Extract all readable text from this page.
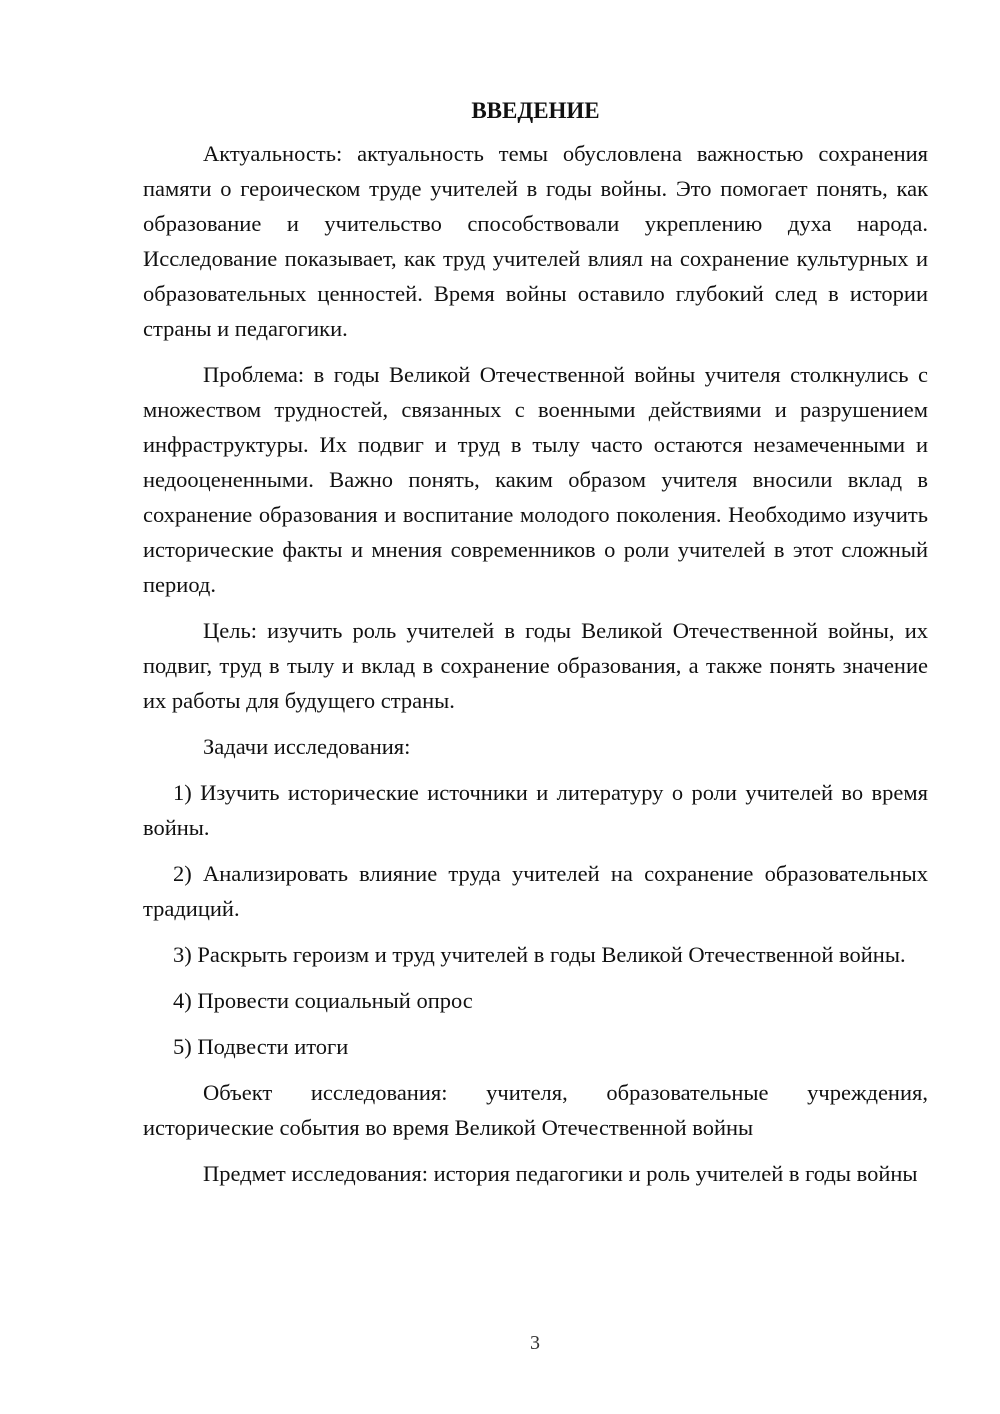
ВВЕДЕНИЕ

Актуальность: актуальность темы обусловлена важностью сохранения памяти о героическом труде учителей в годы войны. Это помогает понять, как образование и учительство способствовали укреплению духа народа. Исследование показывает, как труд учителей влиял на сохранение культурных и образовательных ценностей. Время войны оставило глубокий след в истории страны и педагогики.

Проблема: в годы Великой Отечественной войны учителя столкнулись с множеством трудностей, связанных с военными действиями и разрушением инфраструктуры. Их подвиг и труд в тылу часто остаются незамеченными и недооцененными. Важно понять, каким образом учителя вносили вклад в сохранение образования и воспитание молодого поколения. Необходимо изучить исторические факты и мнения современников о роли учителей в этот сложный период.

Цель: изучить роль учителей в годы Великой Отечественной войны, их подвиг, труд в тылу и вклад в сохранение образования, а также понять значение их работы для будущего страны.

Задачи исследования:

1) Изучить исторические источники и литературу о роли учителей во время войны.

2) Анализировать влияние труда учителей на сохранение образовательных традиций.

3) Раскрыть героизм и труд учителей в годы Великой Отечественной войны.

4) Провести социальный опрос

5) Подвести итоги

Объект исследования: учителя, образовательные учреждения, исторические события во время Великой Отечественной войны

Предмет исследования: история педагогики и роль учителей в годы войны

3
